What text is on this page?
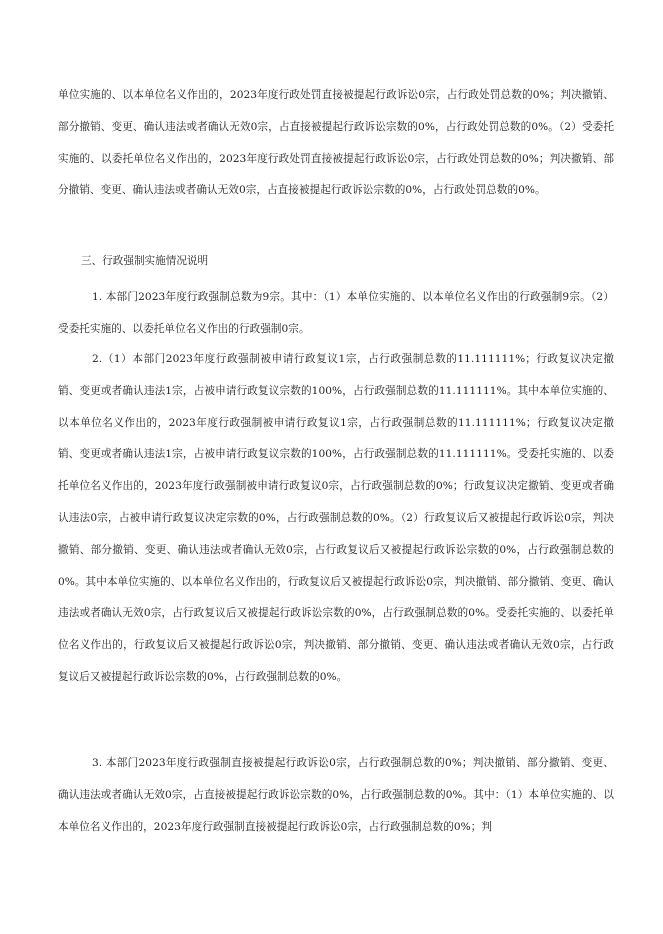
单位实施的、以本单位名义作出的，2023年度行政处罚直接被提起行政诉讼0宗，占行政处罚总数的0%；判决撤销、部分撤销、变更、确认违法或者确认无效0宗，占直接被提起行政诉讼宗数的0%，占行政处罚总数的0%。（2）受委托实施的、以委托单位名义作出的，2023年度行政处罚直接被提起行政诉讼0宗，占行政处罚总数的0%；判决撤销、部分撤销、变更、确认违法或者确认无效0宗，占直接被提起行政诉讼宗数的0%，占行政处罚总数的0%。

三、行政强制实施情况说明

1. 本部门2023年度行政强制总数为9宗。其中：（1）本单位实施的、以本单位名义作出的行政强制9宗。（2）受委托实施的、以委托单位名义作出的行政强制0宗。

2.（1）本部门2023年度行政强制被申请行政复议1宗，占行政强制总数的11.111111%；行政复议决定撤销、变更或者确认违法1宗，占被申请行政复议宗数的100%，占行政强制总数的11.111111%。其中本单位实施的、以本单位名义作出的，2023年度行政强制被申请行政复议1宗，占行政强制总数的11.111111%；行政复议决定撤销、变更或者确认违法1宗，占被申请行政复议宗数的100%，占行政强制总数的11.111111%。受委托实施的、以委托单位名义作出的，2023年度行政强制被申请行政复议0宗，占行政强制总数的0%；行政复议决定撤销、变更或者确认违法0宗，占被申请行政复议决定宗数的0%，占行政强制总数的0%。（2）行政复议后又被提起行政诉讼0宗，判决撤销、部分撤销、变更、确认违法或者确认无效0宗，占行政复议后又被提起行政诉讼宗数的0%，占行政强制总数的0%。其中本单位实施的、以本单位名义作出的，行政复议后又被提起行政诉讼0宗，判决撤销、部分撤销、变更、确认违法或者确认无效0宗，占行政复议后又被提起行政诉讼宗数的0%，占行政强制总数的0%。受委托实施的、以委托单位名义作出的，行政复议后又被提起行政诉讼0宗，判决撤销、部分撤销、变更、确认违法或者确认无效0宗，占行政复议后又被提起行政诉讼宗数的0%，占行政强制总数的0%。

3. 本部门2023年度行政强制直接被提起行政诉讼0宗，占行政强制总数的0%；判决撤销、部分撤销、变更、确认违法或者确认无效0宗，占直接被提起行政诉讼宗数的0%，占行政强制总数的0%。其中：（1）本单位实施的、以本单位名义作出的，2023年度行政强制直接被提起行政诉讼0宗，占行政强制总数的0%；判
